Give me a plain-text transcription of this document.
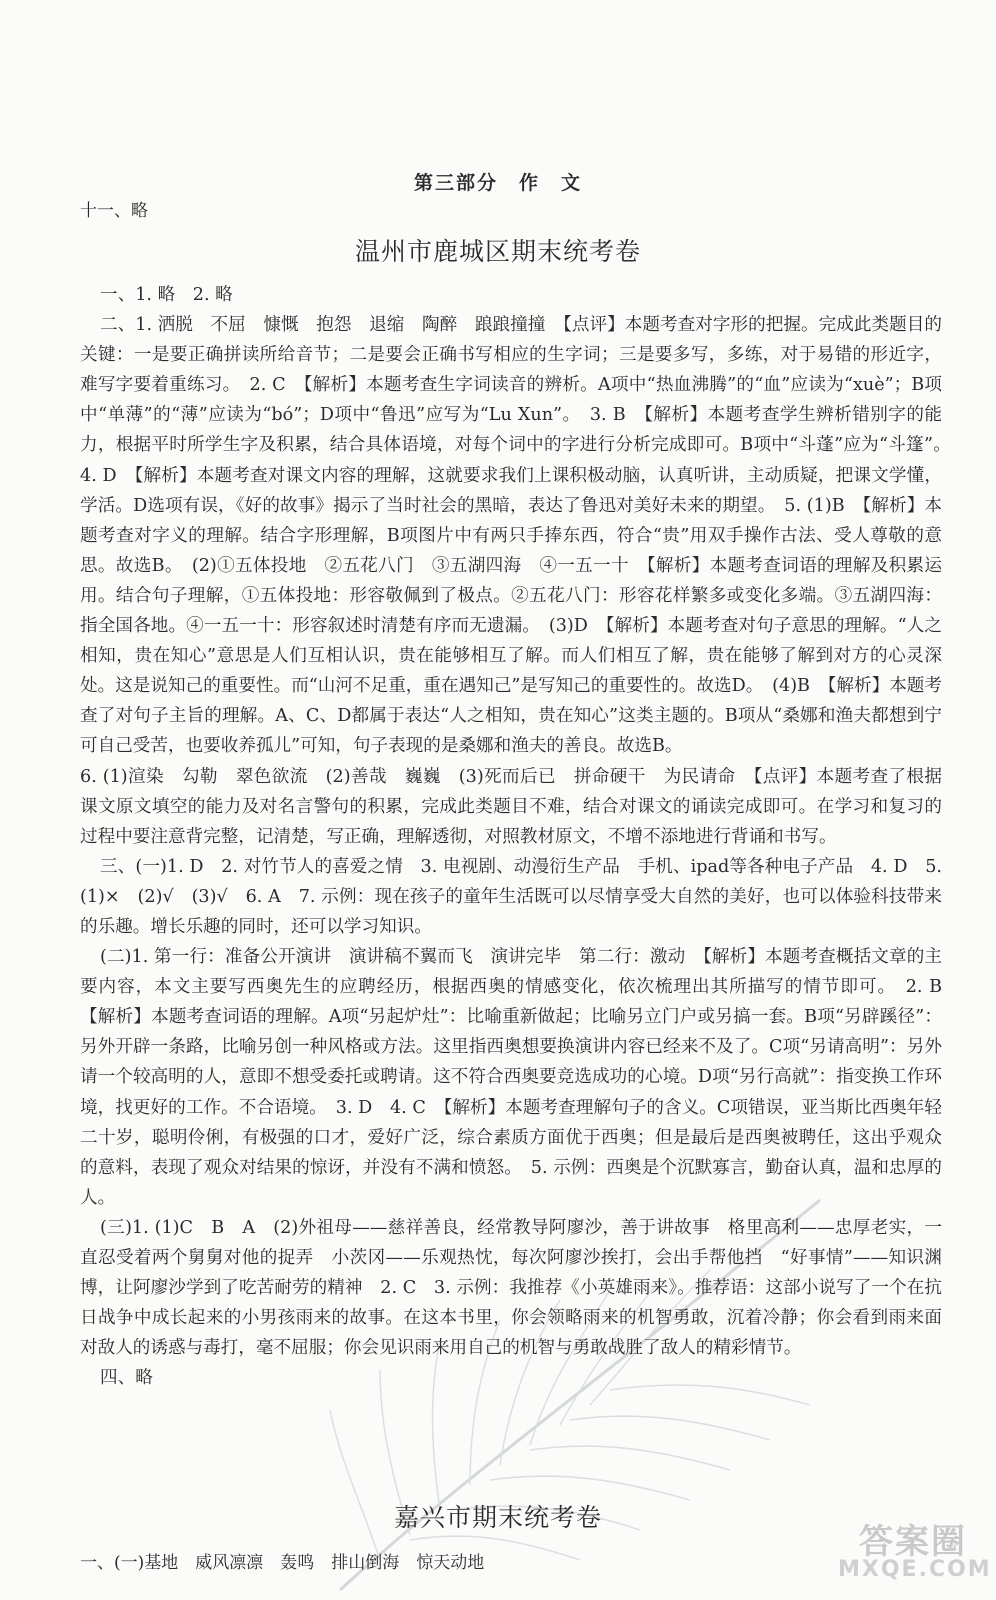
第三部分　作　文
十一、略
温州市鹿城区期末统考卷

一、1. 略　2. 略

二、1. 洒脱　不屈　慷慨　抱怨　退缩　陶醉　踉踉撞撞　【点评】本题考查对字形的把握。完成此类题目的关键：一是要正确拼读所给音节；二是要会正确书写相应的生字词；三是要多写，多练，对于易错的形近字，难写字要着重练习。　2. C　【解析】本题考查生字词读音的辨析。A项中“热血沸腾”的“血”应读为“xuè”；B项中“单薄”的“薄”应读为“bó”；D项中“鲁迅”应写为“Lu Xun”。　3. B　【解析】本题考查学生辨析错别字的能力，根据平时所学生字及积累，结合具体语境，对每个词中的字进行分析完成即可。B项中“斗蓬”应为“斗篷”。　4. D　【解析】本题考查对课文内容的理解，这就要求我们上课积极动脑，认真听讲，主动质疑，把课文学懂，学活。D选项有误，《好的故事》揭示了当时社会的黑暗，表达了鲁迅对美好未来的期望。　5. (1)B　【解析】本题考查对字义的理解。结合字形理解，B项图片中有两只手捧东西，符合“贵”用双手操作古法、受人尊敬的意思。故选B。　(2)①五体投地　②五花八门　③五湖四海　④一五一十　【解析】本题考查词语的理解及积累运用。结合句子理解，①五体投地：形容敬佩到了极点。②五花八门：形容花样繁多或变化多端。③五湖四海：指全国各地。④一五一十：形容叙述时清楚有序而无遗漏。　(3)D　【解析】本题考查对句子意思的理解。“人之相知，贵在知心”意思是人们互相认识，贵在能够相互了解。而人们相互了解，贵在能够了解到对方的心灵深处。这是说知己的重要性。而“山河不足重，重在遇知己”是写知己的重要性的。故选D。　(4)B　【解析】本题考查了对句子主旨的理解。A、C、D都属于表达“人之相知，贵在知心”这类主题的。B项从“桑娜和渔夫都想到宁可自己受苦，也要收养孤儿”可知，句子表现的是桑娜和渔夫的善良。故选B。

6. (1)渲染　勾勒　翠色欲流　(2)善哉　巍巍　(3)死而后已　拼命硬干　为民请命　【点评】本题考查了根据课文原文填空的能力及对名言警句的积累，完成此类题目不难，结合对课文的诵读完成即可。在学习和复习的过程中要注意背完整，记清楚，写正确，理解透彻，对照教材原文，不增不添地进行背诵和书写。

三、(一)1. D　2. 对竹节人的喜爱之情　3. 电视剧、动漫衍生产品　手机、ipad等各种电子产品　4. D　5. (1)×　(2)√　(3)√　6. A　7. 示例：现在孩子的童年生活既可以尽情享受大自然的美好，也可以体验科技带来的乐趣。增长乐趣的同时，还可以学习知识。

(二)1. 第一行：准备公开演讲　演讲稿不翼而飞　演讲完毕　第二行：激动　【解析】本题考查概括文章的主要内容，本文主要写西奥先生的应聘经历，根据西奥的情感变化，依次梳理出其所描写的情节即可。　2. B　【解析】本题考查词语的理解。A项“另起炉灶”：比喻重新做起；比喻另立门户或另搞一套。B项“另辟蹊径”：另外开辟一条路，比喻另创一种风格或方法。这里指西奥想要换演讲内容已经来不及了。C项“另请高明”：另外请一个较高明的人，意即不想受委托或聘请。这不符合西奥要竞选成功的心境。D项“另行高就”：指变换工作环境，找更好的工作。不合语境。　3. D　4. C　【解析】本题考查理解句子的含义。C项错误，亚当斯比西奥年轻二十岁，聪明伶俐，有极强的口才，爱好广泛，综合素质方面优于西奥；但是最后是西奥被聘任，这出乎观众的意料，表现了观众对结果的惊讶，并没有不满和愤怒。　5. 示例：西奥是个沉默寡言，勤奋认真，温和忠厚的人。

(三)1. (1)C　B　A　(2)外祖母——慈祥善良，经常教导阿廖沙，善于讲故事　格里高利——忠厚老实，一直忍受着两个舅舅对他的捉弄　小茨冈——乐观热忱，每次阿廖沙挨打，会出手帮他挡　“好事情”——知识渊博，让阿廖沙学到了吃苦耐劳的精神　2. C　3. 示例：我推荐《小英雄雨来》。推荐语：这部小说写了一个在抗日战争中成长起来的小男孩雨来的故事。在这本书里，你会领略雨来的机智勇敢，沉着冷静；你会看到雨来面对敌人的诱惑与毒打，毫不屈服；你会见识雨来用自己的机智与勇敢战胜了敌人的精彩情节。

四、略

嘉兴市期末统考卷
一、(一)基地　威风凛凛　轰鸣　排山倒海　惊天动地
答案圈
MXQE.COM
